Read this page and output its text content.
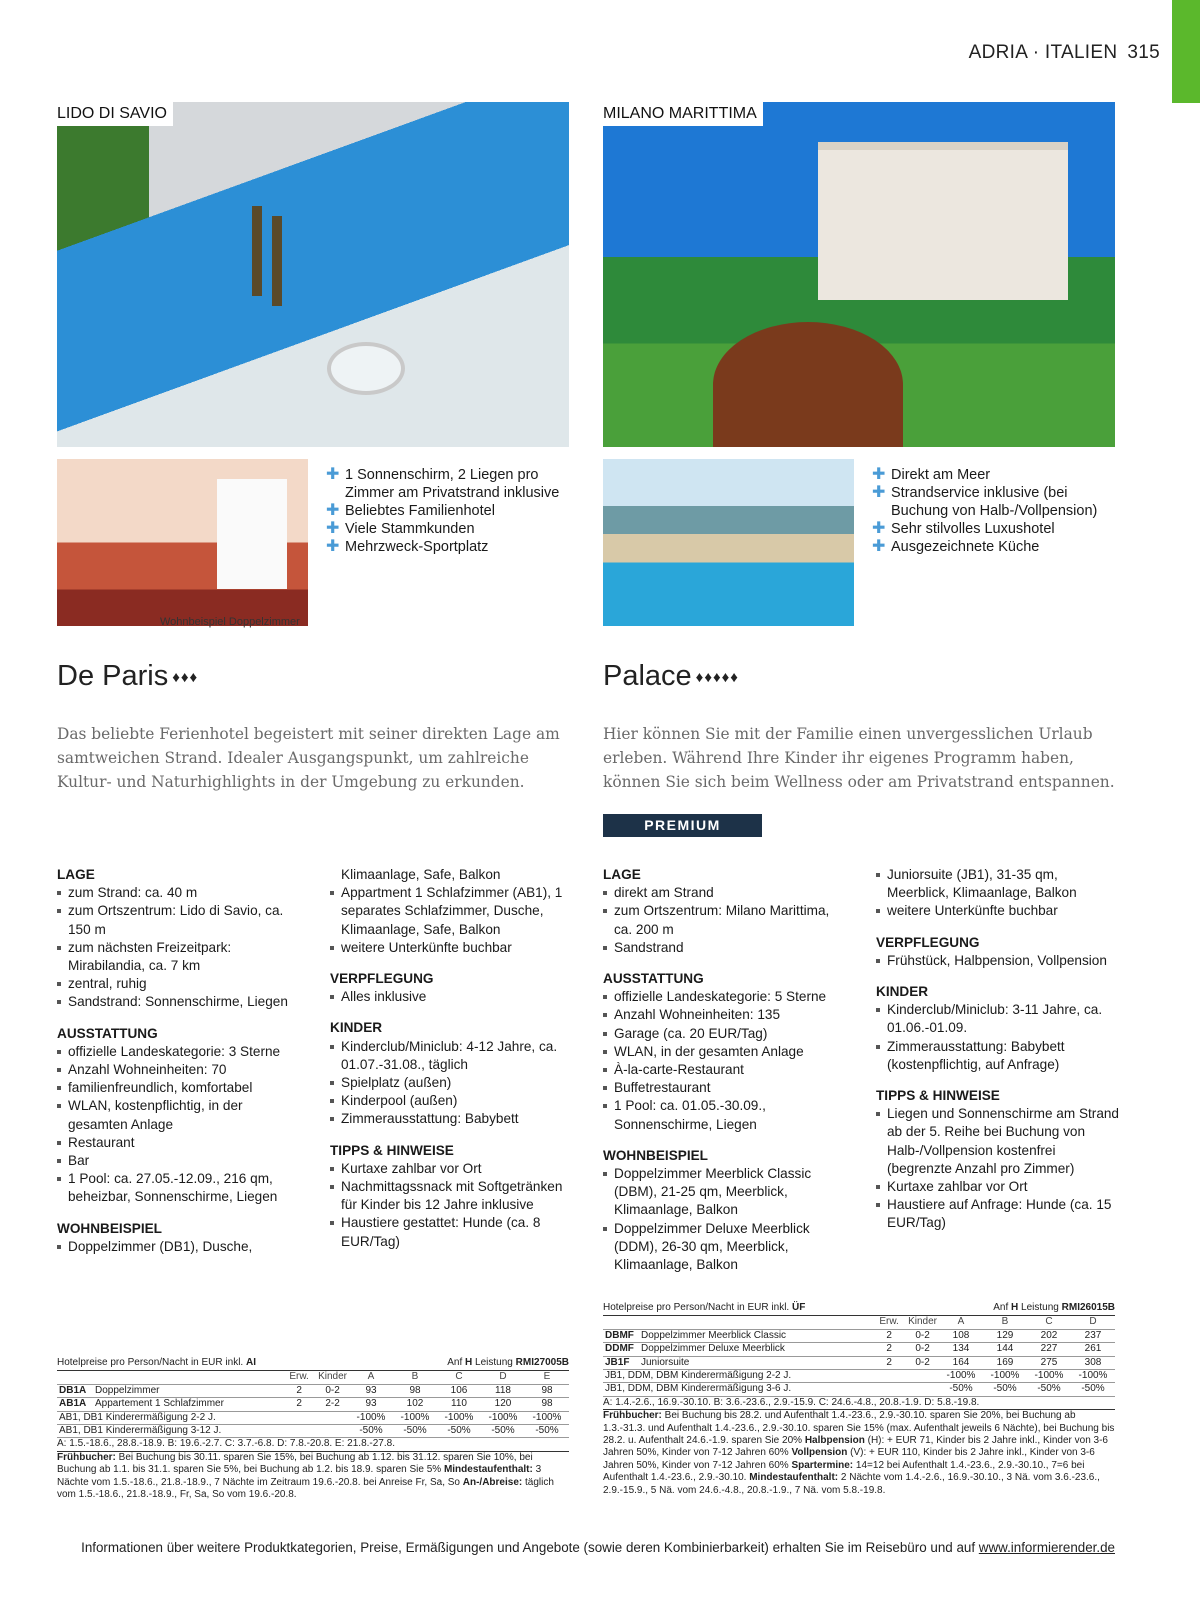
ADRIA · ITALIEN 315
LIDO DI SAVIO
Wohnbeispiel Doppelzimmer
✚ 1 Sonnenschirm, 2 Liegen pro Zimmer am Privatstrand inklusive
✚ Beliebtes Familienhotel
✚ Viele Stammkunden
✚ Mehrzweck-Sportplatz
De Paris ♦♦♦

Das beliebte Ferienhotel begeistert mit seiner direkten Lage am samtweichen Strand. Idealer Ausgangspunkt, um zahlreiche Kultur- und Naturhighlights in der Umgebung zu erkunden.

LAGE
zum Strand: ca. 40 m
zum Ortszentrum: Lido di Savio, ca. 150 m
zum nächsten Freizeitpark: Mirabilandia, ca. 7 km
zentral, ruhig
Sandstrand: Sonnenschirme, Liegen
AUSSTATTUNG
offizielle Landeskategorie: 3 Sterne
Anzahl Wohneinheiten: 70
familienfreundlich, komfortabel
WLAN, kostenpflichtig, in der gesamten Anlage
Restaurant
Bar
1 Pool: ca. 27.05.-12.09., 216 qm, beheizbar, Sonnenschirme, Liegen
WOHNBEISPIEL
Doppelzimmer (DB1), Dusche,
Klimaanlage, Safe, Balkon
Appartment 1 Schlafzimmer (AB1), 1 separates Schlafzimmer, Dusche, Klimaanlage, Safe, Balkon
weitere Unterkünfte buchbar
VERPFLEGUNG
Alles inklusive
KINDER
Kinderclub/Miniclub: 4-12 Jahre, ca. 01.07.-31.08., täglich
Spielplatz (außen)
Kinderpool (außen)
Zimmerausstattung: Babybett
TIPPS & HINWEISE
Kurtaxe zahlbar vor Ort
Nachmittagssnack mit Softgetränken für Kinder bis 12 Jahre inklusive
Haustiere gestattet: Hunde (ca. 8 EUR/Tag)
Hotelpreise pro Person/Nacht in EUR inkl. AI	Anf H Leistung RMI27005B
		Erw.	Kinder	A	B	C	D	E
DB1A	Doppelzimmer	2	0-2	93	98	106	118	98
AB1A	Appartement 1 Schlafzimmer	2	2-2	93	102	110	120	98
AB1, DB1 Kinderermäßigung 2-2 J.				-100%	-100%	-100%	-100%	-100%
AB1, DB1 Kinderermäßigung 3-12 J.				-50%	-50%	-50%	-50%	-50%
A: 1.5.-18.6., 28.8.-18.9. B: 19.6.-2.7. C: 3.7.-6.8. D: 7.8.-20.8. E: 21.8.-27.8.
Frühbucher: Bei Buchung bis 30.11. sparen Sie 15%, bei Buchung ab 1.12. bis 31.12. sparen Sie 10%, bei Buchung ab 1.1. bis 31.1. sparen Sie 5%, bei Buchung ab 1.2. bis 18.9. sparen Sie 5% Mindestaufenthalt: 3 Nächte vom 1.5.-18.6., 21.8.-18.9., 7 Nächte im Zeitraum 19.6.-20.8. bei Anreise Fr, Sa, So An-/Abreise: täglich vom 1.5.-18.6., 21.8.-18.9., Fr, Sa, So vom 19.6.-20.8.
MILANO MARITTIMA
✚ Direkt am Meer
✚ Strandservice inklusive (bei Buchung von Halb-/Vollpension)
✚ Sehr stilvolles Luxushotel
✚ Ausgezeichnete Küche
Palace ♦♦♦♦♦

Hier können Sie mit der Familie einen unvergesslichen Urlaub erleben. Während Ihre Kinder ihr eigenes Programm haben, können Sie sich beim Wellness oder am Privatstrand entspannen.

PREMIUM
LAGE
direkt am Strand
zum Ortszentrum: Milano Marittima, ca. 200 m
Sandstrand
AUSSTATTUNG
offizielle Landeskategorie: 5 Sterne
Anzahl Wohneinheiten: 135
Garage (ca. 20 EUR/Tag)
WLAN, in der gesamten Anlage
À-la-carte-Restaurant
Buffetrestaurant
1 Pool: ca. 01.05.-30.09., Sonnenschirme, Liegen
WOHNBEISPIEL
Doppelzimmer Meerblick Classic (DBM), 21-25 qm, Meerblick, Klimaanlage, Balkon
Doppelzimmer Deluxe Meerblick (DDM), 26-30 qm, Meerblick, Klimaanlage, Balkon
Juniorsuite (JB1), 31-35 qm, Meerblick, Klimaanlage, Balkon
weitere Unterkünfte buchbar
VERPFLEGUNG
Frühstück, Halbpension, Vollpension
KINDER
Kinderclub/Miniclub: 3-11 Jahre, ca. 01.06.-01.09.
Zimmerausstattung: Babybett (kostenpflichtig, auf Anfrage)
TIPPS & HINWEISE
Liegen und Sonnenschirme am Strand ab der 5. Reihe bei Buchung von Halb-/Vollpension kostenfrei (begrenzte Anzahl pro Zimmer)
Kurtaxe zahlbar vor Ort
Haustiere auf Anfrage: Hunde (ca. 15 EUR/Tag)
Hotelpreise pro Person/Nacht in EUR inkl. ÜF	Anf H Leistung RMI26015B
		Erw.	Kinder	A	B	C	D
DBMF	Doppelzimmer Meerblick Classic	2	0-2	108	129	202	237
DDMF	Doppelzimmer Deluxe Meerblick	2	0-2	134	144	227	261
JB1F	Juniorsuite	2	0-2	164	169	275	308
JB1, DDM, DBM Kinderermäßigung 2-2 J.				-100%	-100%	-100%	-100%
JB1, DDM, DBM Kinderermäßigung 3-6 J.				-50%	-50%	-50%	-50%
A: 1.4.-2.6., 16.9.-30.10. B: 3.6.-23.6., 2.9.-15.9. C: 24.6.-4.8., 20.8.-1.9. D: 5.8.-19.8.
Frühbucher: Bei Buchung bis 28.2. und Aufenthalt 1.4.-23.6., 2.9.-30.10. sparen Sie 20%, bei Buchung ab 1.3.-31.3. und Aufenthalt 1.4.-23.6., 2.9.-30.10. sparen Sie 15% (max. Aufenthalt jeweils 6 Nächte), bei Buchung bis 28.2. u. Aufenthalt 24.6.-1.9. sparen Sie 20% Halbpension (H): + EUR 71, Kinder bis 2 Jahre inkl., Kinder von 3-6 Jahren 50%, Kinder von 7-12 Jahren 60% Vollpension (V): + EUR 110, Kinder bis 2 Jahre inkl., Kinder von 3-6 Jahren 50%, Kinder von 7-12 Jahren 60% Spartermine: 14=12 bei Aufenthalt 1.4.-23.6., 2.9.-30.10., 7=6 bei Aufenthalt 1.4.-23.6., 2.9.-30.10. Mindestaufenthalt: 2 Nächte vom 1.4.-2.6., 16.9.-30.10., 3 Nä. vom 3.6.-23.6., 2.9.-15.9., 5 Nä. vom 24.6.-4.8., 20.8.-1.9., 7 Nä. vom 5.8.-19.8.
Informationen über weitere Produktkategorien, Preise, Ermäßigungen und Angebote (sowie deren Kombinierbarkeit) erhalten Sie im Reisebüro und auf www.informierender.de
